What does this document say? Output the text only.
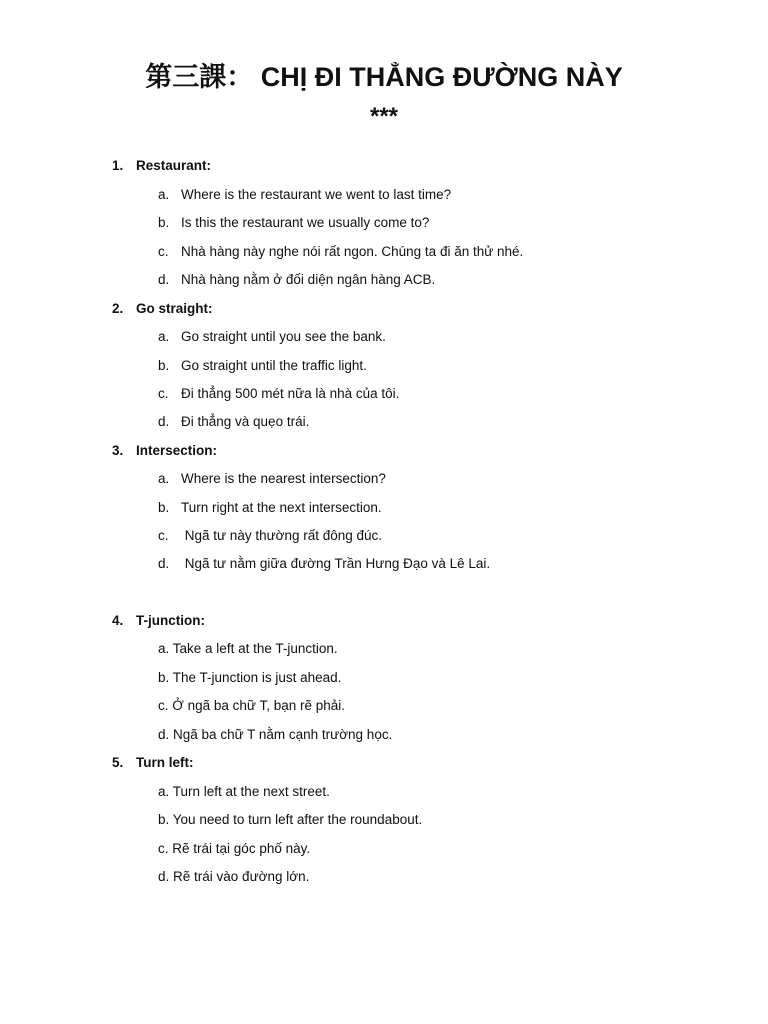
第三課： CHỊ ĐI THẲNG ĐƯỜNG NÀY
***
1. Restaurant:
a. Where is the restaurant we went to last time?
b. Is this the restaurant we usually come to?
c. Nhà hàng này nghe nói rất ngon. Chúng ta đi ăn thử nhé.
d. Nhà hàng nằm ở đối diện ngân hàng ACB.
2. Go straight:
a. Go straight until you see the bank.
b. Go straight until the traffic light.
c. Đi thẳng 500 mét nữa là nhà của tôi.
d. Đi thẳng và quẹo trái.
3. Intersection:
a. Where is the nearest intersection?
b. Turn right at the next intersection.
c. Ngã tư này thường rất đông đúc.
d. Ngã tư nằm giữa đường Trần Hưng Đạo và Lê Lai.
4. T-junction:
a. Take a left at the T-junction.
b. The T-junction is just ahead.
c. Ở ngã ba chữ T, bạn rẽ phải.
d. Ngã ba chữ T nằm cạnh trường học.
5. Turn left:
a. Turn left at the next street.
b. You need to turn left after the roundabout.
c. Rẽ trái tại góc phố này.
d. Rẽ trái vào đường lớn.
